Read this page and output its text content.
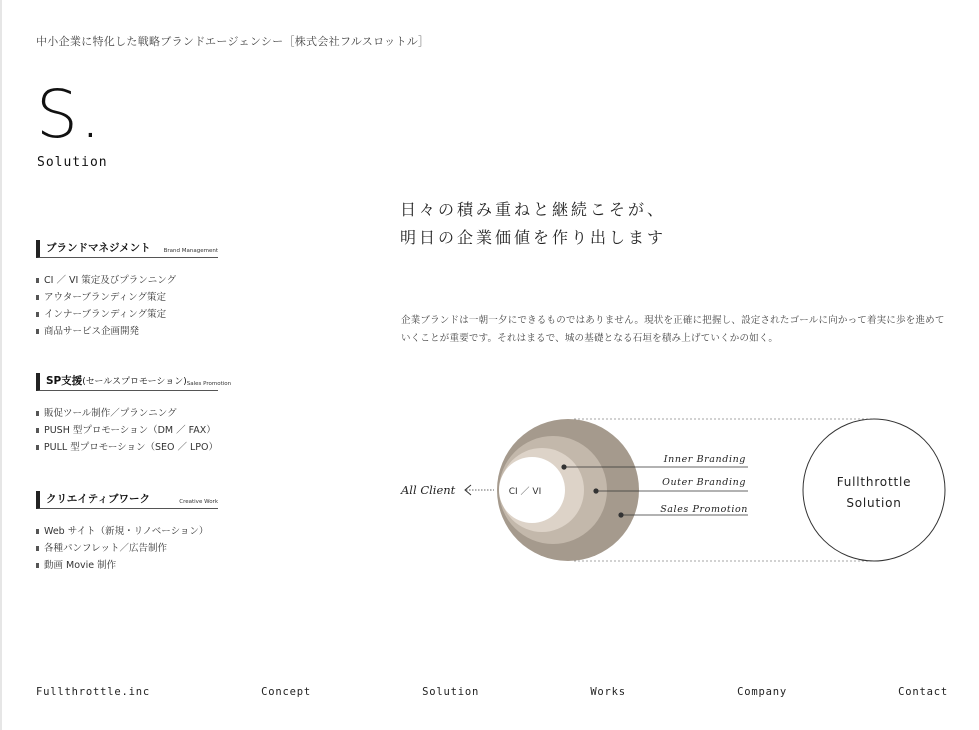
中小企業に特化した戦略ブランドエージェンシー［株式会社フルスロットル］
S.
Solution
ブランドマネジメント Brand Management
CI ／ VI 策定及びプランニング
アウターブランディング策定
インナーブランディング策定
商品サービス企画開発
SP支援(セールスプロモーション) Sales Promotion
販促ツール制作／プランニング
PUSH 型プロモーション（DM ／ FAX）
PULL 型プロモーション（SEO ／ LPO）
クリエイティブワーク	Creative Work
Web サイト（新規・リノベーション）
各種パンフレット／広告制作
動画 Movie 制作
日々の積み重ねと継続こそが、
明日の企業価値を作り出します
企業ブランドは一朝一夕にできるものではありません。現状を正確に把握し、設定されたゴールに向かって着実に歩を進めていくことが重要です。それはまるで、城の基礎となる石垣を積み上げていくかの如く。
CI ／ VI
All Client
Inner Branding
Outer Branding
Sales Promotion
Fullthrottle
Solution
Fullthrottle.inc	Concept	Solution	Works	Company	Contact
